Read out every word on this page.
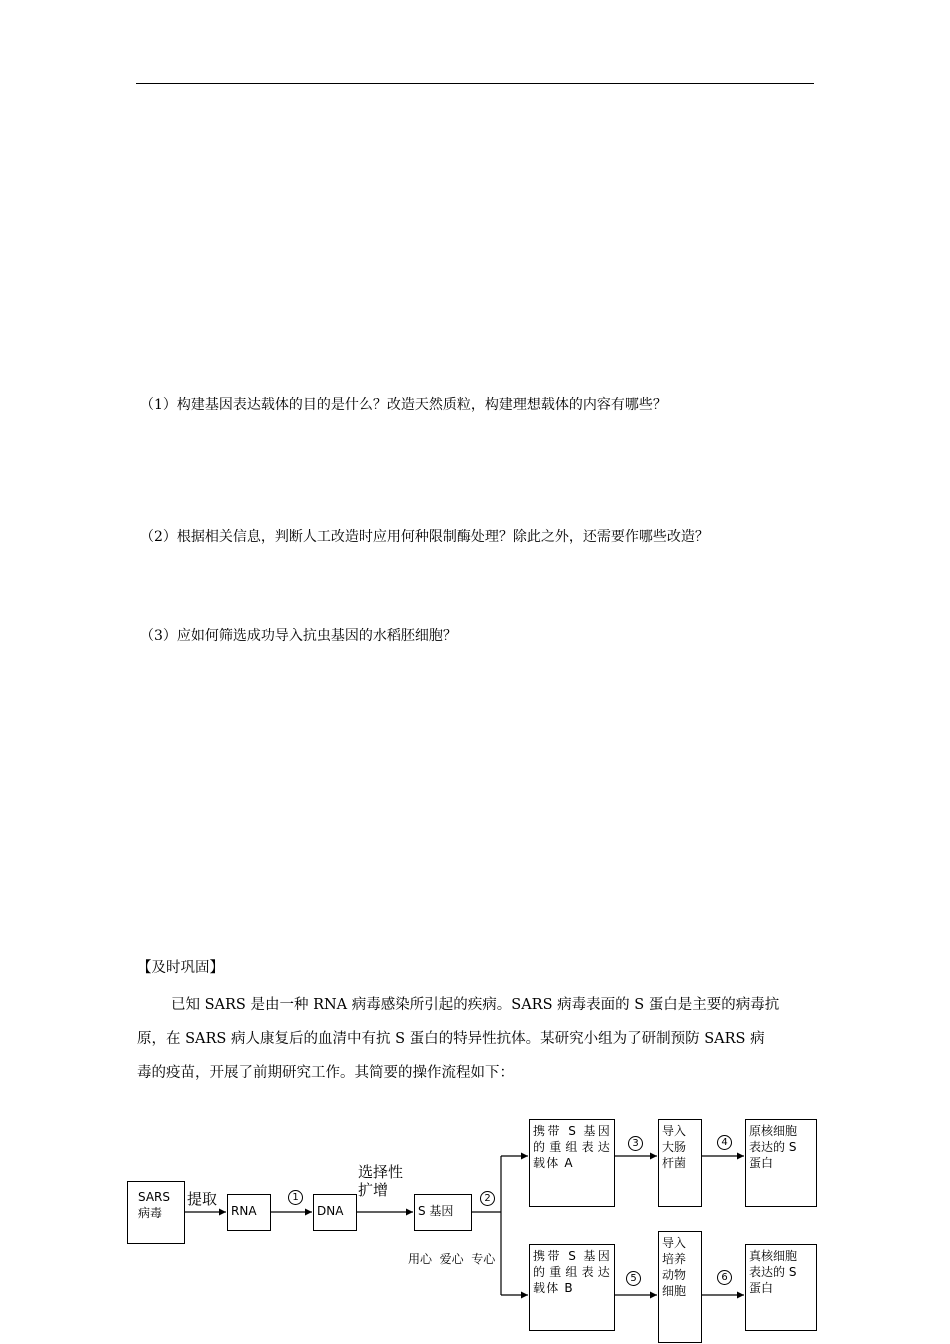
（1）构建基因表达载体的目的是什么？改造天然质粒，构建理想载体的内容有哪些？
（2）根据相关信息，判断人工改造时应用何种限制酶处理？除此之外，还需要作哪些改造？
（3）应如何筛选成功导入抗虫基因的水稻胚细胞？
【及时巩固】
已知 SARS 是由一种 RNA 病毒感染所引起的疾病。SARS 病毒表面的 S 蛋白是主要的病毒抗
原，在 SARS 病人康复后的血清中有抗 S 蛋白的特异性抗体。某研究小组为了研制预防 SARS 病
毒的疫苗，开展了前期研究工作。其简要的操作流程如下：
SARS
病毒
提取
RNA
1
DNA
选择性
扩增
S 基因
2
用心  爱心  专心
携带 S 基因的重组表达载体 A
携带 S 基因的重组表达载体 B
3
5
导入
大肠
杆菌
导入
培养
动物
细胞
4
6
原核细胞
表达的 S
蛋白
真核细胞
表达的 S
蛋白
